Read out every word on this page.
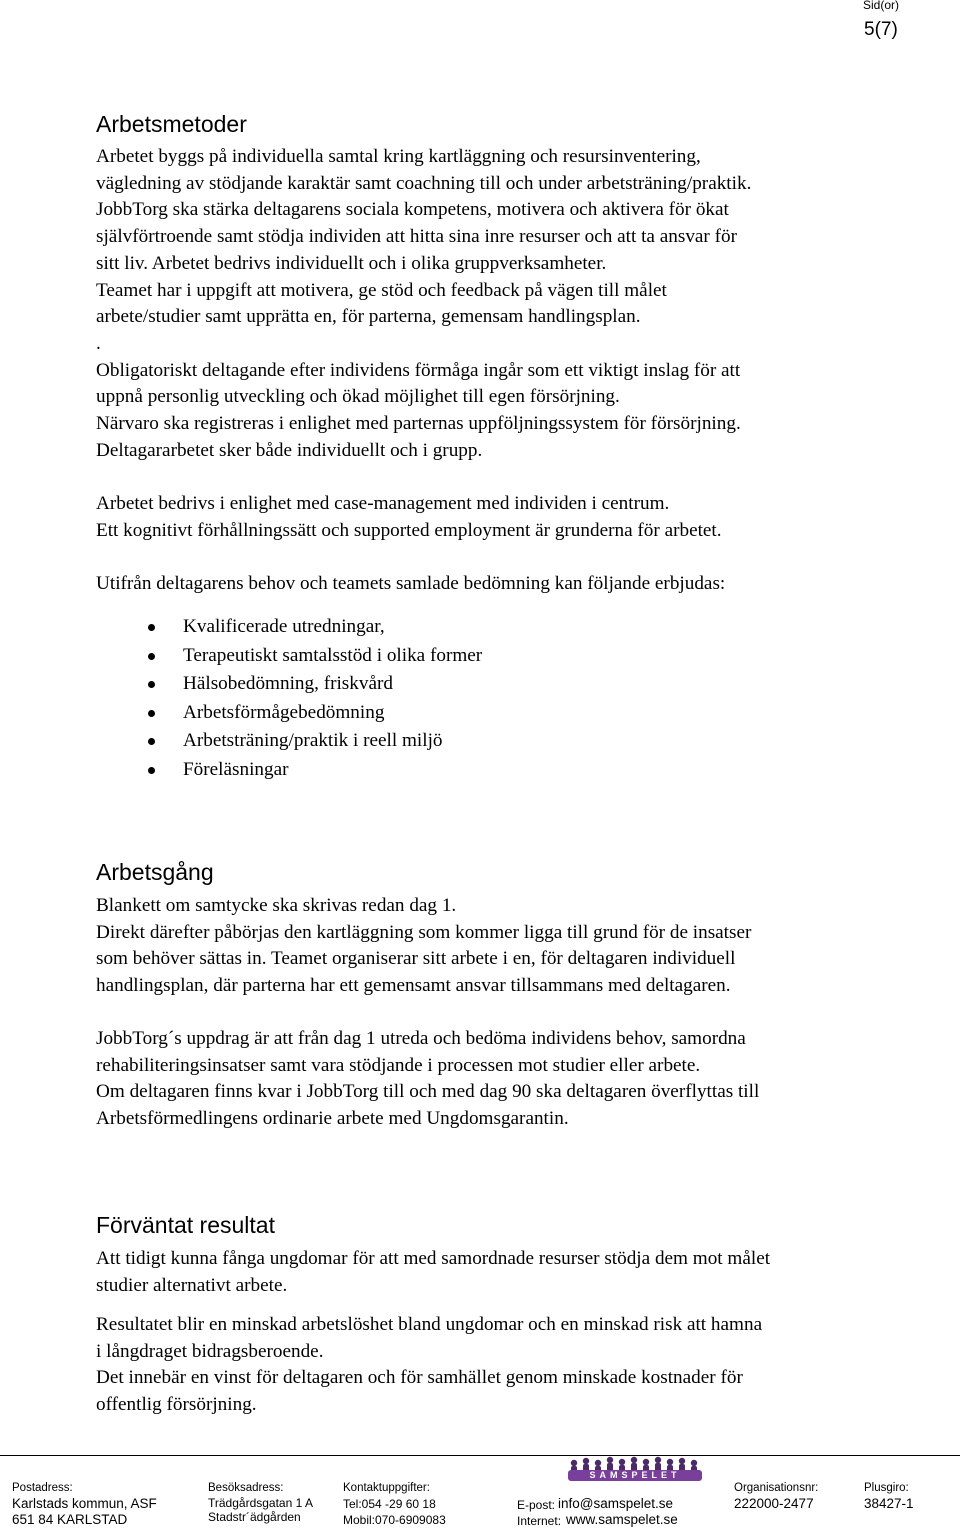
Sid(or)
5(7)
Arbetsmetoder
Arbetet byggs på individuella samtal kring kartläggning och resursinventering,
vägledning av stödjande karaktär samt coachning till och under arbetsträning/praktik.
JobbTorg ska stärka deltagarens sociala kompetens, motivera och aktivera för ökat
självförtroende samt stödja individen att hitta sina inre resurser och att ta ansvar för
sitt liv. Arbetet bedrivs individuellt och i olika gruppverksamheter.
Teamet har i uppgift att motivera, ge stöd och feedback på vägen till målet
arbete/studier samt upprätta en, för parterna, gemensam handlingsplan.
.
Obligatoriskt deltagande efter individens förmåga ingår som ett viktigt inslag för att
uppnå personlig utveckling och ökad möjlighet till egen försörjning.
Närvaro ska registreras i enlighet med parternas uppföljningssystem för försörjning.
Deltagararbetet sker både individuellt och i grupp.
Arbetet bedrivs i enlighet med case-management med individen i centrum.
Ett kognitivt förhållningssätt och supported employment är grunderna för arbetet.
Utifrån deltagarens behov och teamets samlade bedömning kan följande erbjudas:
Kvalificerade utredningar,
Terapeutiskt samtalsstöd i olika former
Hälsobedömning, friskvård
Arbetsförmågebedömning
Arbetsträning/praktik i reell miljö
Föreläsningar
Arbetsgång
Blankett om samtycke ska skrivas redan dag 1.
Direkt därefter påbörjas den kartläggning som kommer ligga till grund för de insatser
som behöver sättas in. Teamet organiserar sitt arbete i en, för deltagaren individuell
handlingsplan, där parterna har ett gemensamt ansvar tillsammans med deltagaren.
JobbTorg´s uppdrag är att från dag 1 utreda och bedöma individens behov, samordna
rehabiliteringsinsatser samt vara stödjande i processen mot studier eller arbete.
Om deltagaren finns kvar i JobbTorg till och med dag 90 ska deltagaren överflyttas till
Arbetsförmedlingens ordinarie arbete med Ungdomsgarantin.
Förväntat resultat
Att tidigt kunna fånga ungdomar för att med samordnade resurser stödja dem mot målet
studier alternativt arbete.
Resultatet blir en minskad arbetslöshet bland ungdomar och en minskad risk att hamna
i långdraget bidragsberoende.
Det innebär en vinst för deltagaren och för samhället genom minskade kostnader för
offentlig försörjning.
Postadress:
Karlstads kommun, ASF
651 84 KARLSTAD
Besöksadress:
Trädgårdsgatan 1 A
Stadstr´ädgården
Kontaktuppgifter:
Tel:054 -29 60 18
Mobil:070-6909083
SAMSPELET
E-post: info@samspelet.se
Internet: www.samspelet.se
Organisationsnr:
222000-2477
Plusgiro:
38427-1
